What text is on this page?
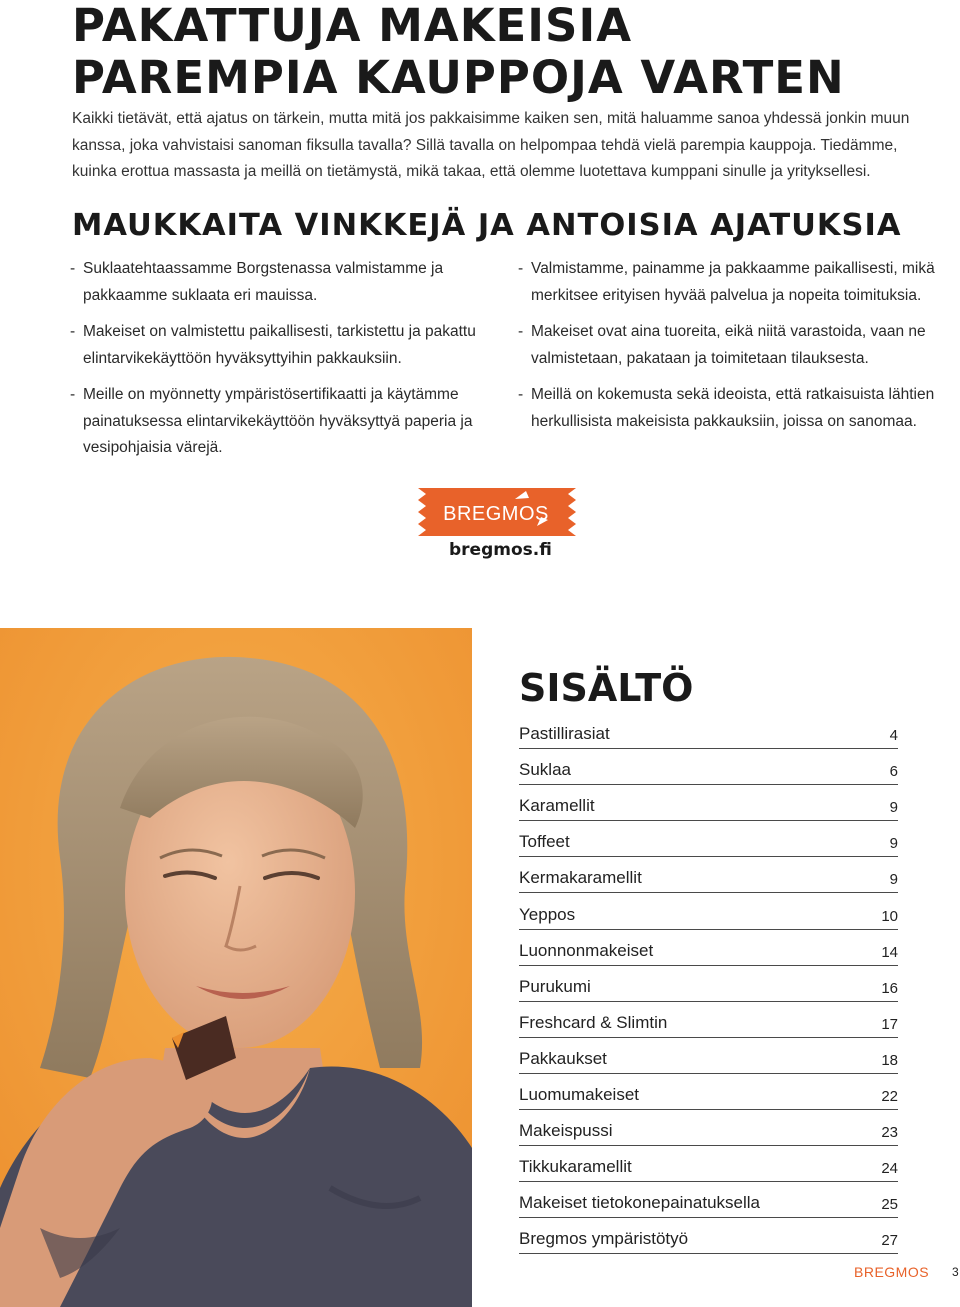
PAKATTUJA MAKEISIA
PAREMPIA KAUPPOJA VARTEN

Kaikki tietävät, että ajatus on tärkein, mutta mitä jos pakkaisimme kaiken sen, mitä haluamme sanoa yhdessä jonkin muun kanssa, joka vahvistaisi sanoman fiksulla tavalla? Sillä tavalla on helpompaa tehdä vielä parempia kauppoja. Tiedämme, kuinka erottua massasta ja meillä on tietämystä, mikä takaa, että olemme luotettava kumppani sinulle ja yrityksellesi.

MAUKKAITA VINKKEJÄ JA ANTOISIA AJATUKSIA
- Suklaatehtaassamme Borgstenassa valmistamme ja pakkaamme suklaata eri mauissa.
- Makeiset on valmistettu paikallisesti, tarkistettu ja pakattu elintarvikekäyttöön hyväksyttyihin pakkauksiin.
- Meille on myönnetty ympäristösertifikaatti ja käytämme painatuksessa elintarvikekäyttöön hyväksyttyä paperia ja vesipohjaisia värejä.
- Valmistamme, painamme ja pakkaamme paikallisesti, mikä merkitsee erityisen hyvää palvelua ja nopeita toimituksia.
- Makeiset ovat aina tuoreita, eikä niitä varastoida, vaan ne valmistetaan, pakataan ja toimitetaan tilauksesta.
- Meillä on kokemusta sekä ideoista, että ratkaisuista lähtien herkullisista makeisista pakkauksiin, joissa on sanomaa.
BREGMOS
bregmos.fi
SISÄLTÖ
Pastillirasiat	4
Suklaa	6
Karamellit	9
Toffeet	9
Kermakaramellit	9
Yeppos	10
Luonnonmakeiset	14
Purukumi	16
Freshcard & Slimtin	17
Pakkaukset	18
Luomumakeiset	22
Makeispussi	23
Tikkukaramellit	24
Makeiset tietokonepainatuksella	25
Bregmos ympäristötyö	27
BREGMOS 3
